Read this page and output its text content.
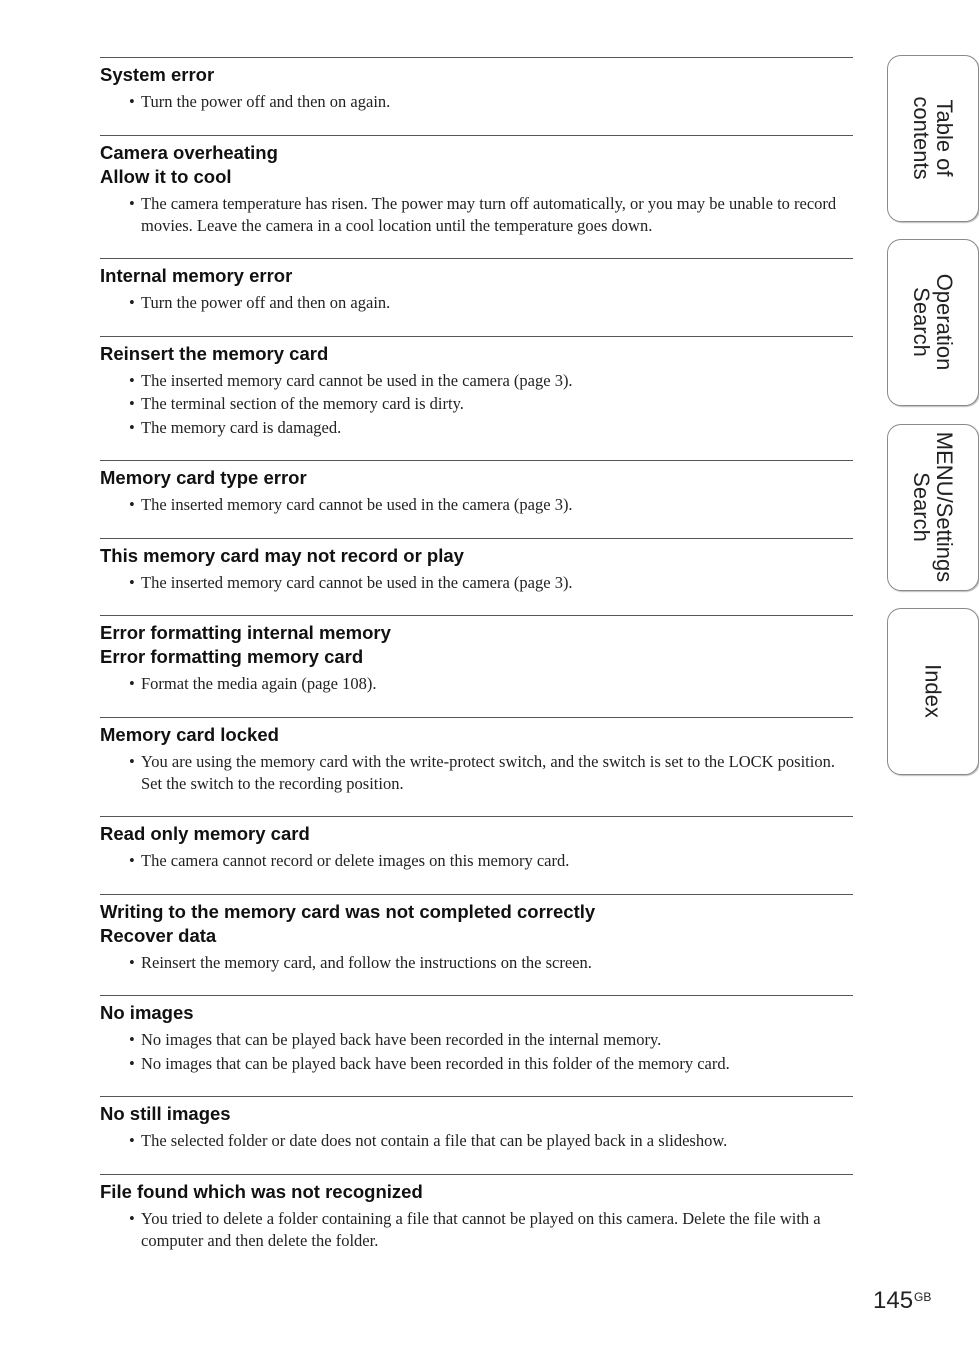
System error
• Turn the power off and then on again.
Camera overheating
Allow it to cool
• The camera temperature has risen. The power may turn off automatically, or you may be unable to record movies. Leave the camera in a cool location until the temperature goes down.
Internal memory error
• Turn the power off and then on again.
Reinsert the memory card
• The inserted memory card cannot be used in the camera (page 3).
• The terminal section of the memory card is dirty.
• The memory card is damaged.
Memory card type error
• The inserted memory card cannot be used in the camera (page 3).
This memory card may not record or play
• The inserted memory card cannot be used in the camera (page 3).
Error formatting internal memory
Error formatting memory card
• Format the media again (page 108).
Memory card locked
• You are using the memory card with the write-protect switch, and the switch is set to the LOCK position. Set the switch to the recording position.
Read only memory card
• The camera cannot record or delete images on this memory card.
Writing to the memory card was not completed correctly
Recover data
• Reinsert the memory card, and follow the instructions on the screen.
No images
• No images that can be played back have been recorded in the internal memory.
• No images that can be played back have been recorded in this folder of the memory card.
No still images
• The selected folder or date does not contain a file that can be played back in a slideshow.
File found which was not recognized
• You tried to delete a folder containing a file that cannot be played on this camera. Delete the file with a computer and then delete the folder.
Table of
contents
Operation
Search
MENU/Settings
Search
Index
$145^{GB}$
